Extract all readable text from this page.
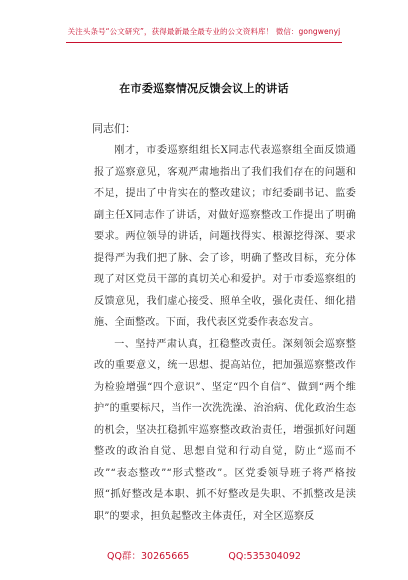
关注头条号“公文研究”，获得最新最全最专业的公文资料库！ 微信：gongwenyj
在市委巡察情况反馈会议上的讲话
同志们：

刚才，市委巡察组组长X同志代表巡察组全面反馈通报了巡察意见，客观严肃地指出了我们我们存在的问题和不足，提出了中肯实在的整改建议；市纪委副书记、监委副主任X同志作了讲话，对做好巡察整改工作提出了明确要求。两位领导的讲话，问题找得实、根源挖得深、要求提得严为我们把了脉、会了诊，明确了整改目标，充分体现了对区党员干部的真切关心和爱护。对于市委巡察组的反馈意见，我们虚心接受、照单全收，强化责任、细化措施、全面整改。下面，我代表区党委作表态发言。

一、坚持严肃认真，扛稳整改责任。深刻领会巡察整改的重要意义，统一思想、提高站位，把加强巡察整改作为检验增强“四个意识”、坚定“四个自信”、做到“两个维护”的重要标尺，当作一次洗洗澡、治治病、优化政治生态的机会，坚决扛稳抓牢巡察整改政治责任，增强抓好问题整改的政治自觉、思想自觉和行动自觉，防止“巡而不改”“表态整改”“形式整改”。区党委领导班子将严格按照“抓好整改是本职、抓不好整改是失职、不抓整改是渎职”的要求，担负起整改主体责任，对全区巡察反

QQ群：30265665	QQ:535304092
